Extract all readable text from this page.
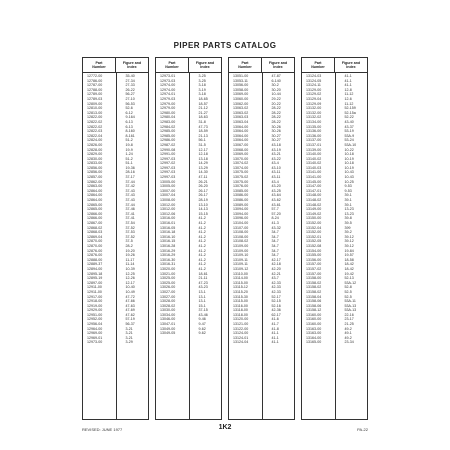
PIPER PARTS CATALOG
Part
Number
Figure and
Index
12772-00	35-40
12786-00	27-34
12787-00	27-33
12788-00	26-22
12789-00	56-27
12789-03	27-10
12809-00	56-53
12810-00	52-6
12813-00	6-12
12822-00	9-164
12822-02	6-13
12822-02	6-13
12822-03	8-160
12822-04	8-161
12824-00	51-2
12826-00	19-8
12828-00	19-9
12829-00	1-24
12830-00	51-2
12833-00	51-1
12856-00	19-36
12856-00	28-16
12857-00	37-17
12862-00	37-44
12863-00	37-42
12864-00	37-43
12864-00	37-43
12864-00	37-43
12865-00	37-44
12865-00	37-46
12866-00	37-41
12866-00	37-41
12867-00	37-54
12868-02	37-52
12868-03	37-53
12869-04	37-52
12870-00	37-5
12870-00	28-2
12876-00	19-20
12876-00	19-26
12888-00	11-17
12889-37	11-14
12894-00	10-39
12895-18	12-25
12895-19	12-26
12897-00	12-17
12911-00	10-40
12911-00	10-49
12917-00	47-72
12918-00	47-66
12919-00	47-63
12929-00	47-69
12951-00	47-62
12952-00	57-19
12956-04	56-37
12964-00	3-21
12969-00	3-21
12969-01	3-21
12973-00	3-29
Part
Number
Figure and
Index
12973-01	3-25
12973-03	3-25
12974-00	3-18
12974-00	3-19
12974-01	3-18
12979-03	18-65
12979-00	18-57
12979-00	21-12
12980-00	21-27
12980-04	18-63
12983-00	31-8
12984-02	47-73
12985-00	18-59
12985-00	21-13
12986-00	56-1
12987-02	31-5
12990-08	12-17
12991-00	12-18
12997-03	13-18
12997-02	14-29
12997-03	13-29
12997-03	14-30
12997-03	47-11
13005-00	26-21
13005-00	26-20
13007-00	26-17
13007-04	26-17
13008-00	28-19
13012-00	13-10
13012-00	14-13
13012-06	15-15
13016-00	41-2
13016-01	41-2
13016-05	41-2
13016-18	41-2
13016-10	41-2
13016-15	41-2
13016-28	41-2
13016-29	41-2
13016-29	41-2
13016-30	41-2
13016-31	41-2
13020-00	41-2
13021-00	18-61
13025-00	21-11
13025-00	47-23
13026-00	43-23
13027-00	13-1
13027-00	13-1
13028-00	13-1
13028-02	15-1
13030-00	37-15
13034-00	43-46
13046-00	9-46
13047-01	9-47
13049-00	9-62
13049-05	9-62
Part
Number
Figure and
Index
13051-00	47-87
13053-11	6-140
13056-00	30-2
13058-00	30-20
13069-00	10-44
13060-00	29-22
13062-00	20-22
13063-02	28-22
13063-02	28-22
13063-03	28-22
13063-04	28-22
13064-00	30-26
13064-00	30-26
13064-00	30-27
13064-00	30-27
13067-00	43-18
13068-00	43-19
13069-00	43-21
13070-00	43-22
13074-02	43-4
13074-00	43-10
13075-00	43-11
13075-02	43-11
13075-00	43-4
13076-00	43-20
13085-00	43-25
13086-00	43-64
13086-00	43-62
13089-00	43-61
13094-00	57-7
13094-00	57-20
13096-00	8-24
13104-00	41-3
13107-00	43-32
13108-00	34-7
13108-00	34-7
13108-02	34-7
13109-00	34-7
13109-00	34-7
13109-10	34-7
13109-11	42-17
13109-11	42-18
13109-12	42-20
13110-00	42-21
13114-00	43-7
13115-00	42-33
13115-12	42-33
13115-20	42-33
13115-30	52-17
13115-00	52-15
13116-00	52-16
13118-00	42-36
13118-00	62-17
13120-00	41-6
13121-00	41-7
13122-00	41-8
13124-00	41-1
13124-01	41-1
13124-04	41-1
Part
Number
Figure and
Index
13124-03	41-1
13124-05	41-1
13124-11	41-1
13129-00	12-8
13129-02	11-12
13129-04	12-6
13129-09	11-12
13132-00	52-159
13132-00	52-15a
13132-02	52-22
13134-00	43-40
13135-00	43-37
13136-00	53-19
13136-00	53A-9
13137-00	53-24
13137-01	53A-10
13139-00	10-22
13140-00	10-18
13140-02	10-19
13140-02	10-18
13140-03	10-19
13141-00	10-43
13141-00	10-43
13145-00	10-25
13147-00	9-53
13147-01	9-53
13148-00	39-1
13148-02	39-1
13148-02	39-1
13149-00	13-23
13149-02	13-23
13150-00	39-8
13152-00	39-5
13152-04	399
13152-00	39-2
13152-01	39-12
13152-05	39-12
13152-08	39-12
13154-00	19-84
13155-00	19-57
13156-00	18-58
13157-00	18-42
13157-02	18-42
13157-00	19-42
13158-00	52-13
13158-02	53A-12
13158-02	52-8
13158-02	52-5
13158-04	52-5
13158-06	53A-11
13158-06	53A-13
13158-12	53A-13
13160-00	22-16
13160-00	23-17
13160-00	21-25
13163-00	49-2
13163-00	49-1
13164-00	49-2
13165-00	23-34
REVISED: JUNE 1977	1K2	PA-22
